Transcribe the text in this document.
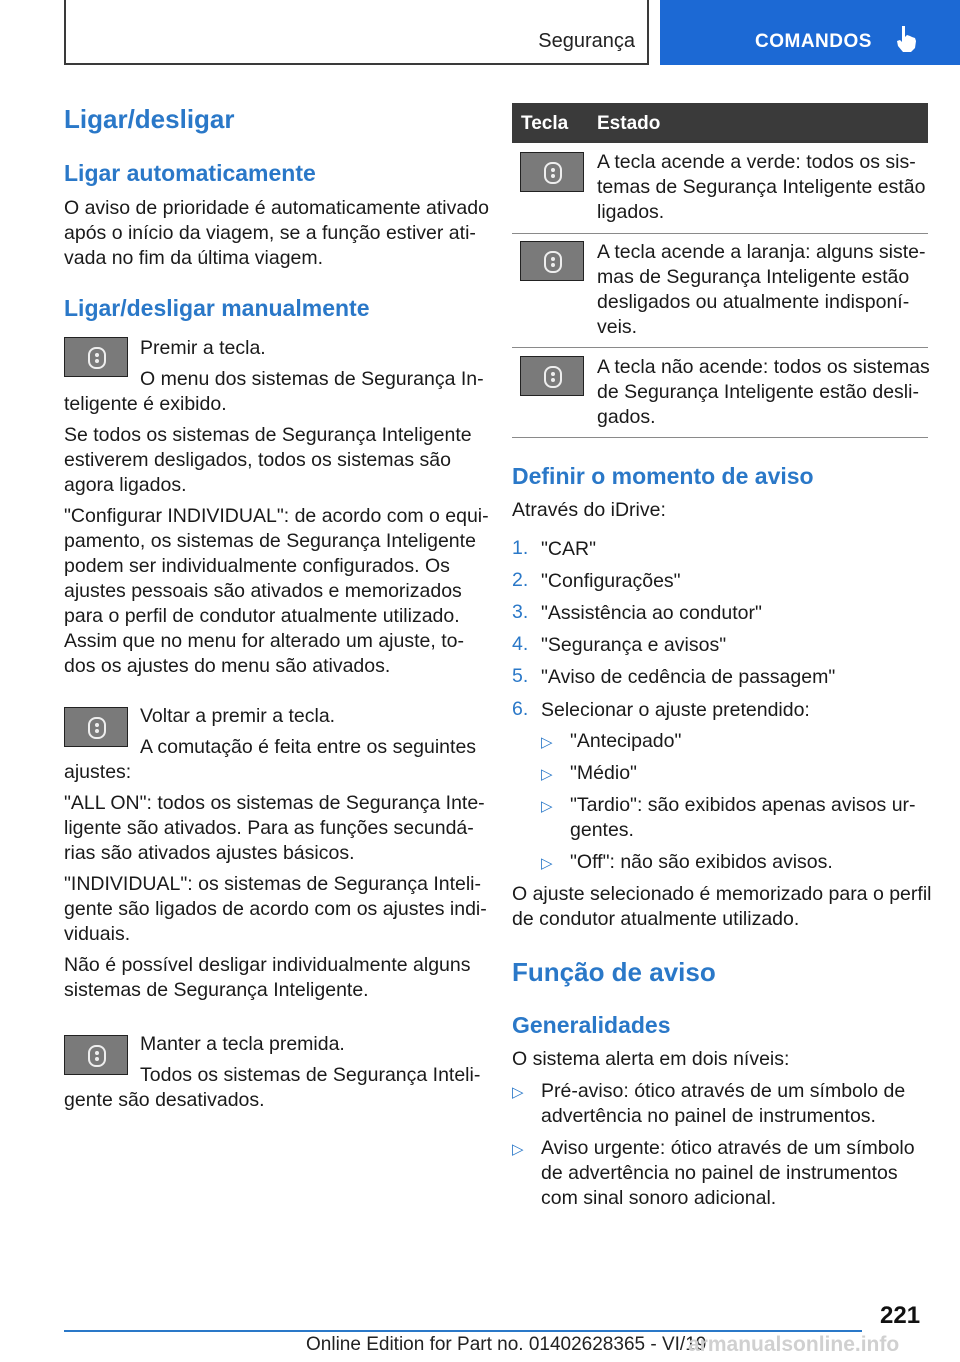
Segurança	COMANDOS
Ligar/desligar
Ligar automaticamente
O aviso de prioridade é automaticamente ativado
após o início da viagem, se a função estiver ati-
vada no fim da última viagem.
Ligar/desligar manualmente
Premir a tecla.
O menu dos sistemas de Segurança In-
teligente é exibido.
Se todos os sistemas de Segurança Inteligente
estiverem desligados, todos os sistemas são
agora ligados.
"Configurar INDIVIDUAL": de acordo com o equi-
pamento, os sistemas de Segurança Inteligente
podem ser individualmente configurados. Os
ajustes pessoais são ativados e memorizados
para o perfil de condutor atualmente utilizado.
Assim que no menu for alterado um ajuste, to-
dos os ajustes do menu são ativados.
Voltar a premir a tecla.
A comutação é feita entre os seguintes
ajustes:
"ALL ON": todos os sistemas de Segurança Inte-
ligente são ativados. Para as funções secundá-
rias são ativados ajustes básicos.
"INDIVIDUAL": os sistemas de Segurança Inteli-
gente são ligados de acordo com os ajustes indi-
viduais.
Não é possível desligar individualmente alguns
sistemas de Segurança Inteligente.
Manter a tecla premida.
Todos os sistemas de Segurança Inteli-
gente são desativados.
Tecla Estado
A tecla acende a verde: todos os sis-
temas de Segurança Inteligente estão
ligados.
A tecla acende a laranja: alguns siste-
mas de Segurança Inteligente estão
desligados ou atualmente indisponí-
veis.
A tecla não acende: todos os sistemas
de Segurança Inteligente estão desli-
gados.
Definir o momento de aviso
Através do iDrive:
1. "CAR"
2. "Configurações"
3. "Assistência ao condutor"
4. "Segurança e avisos"
5. "Aviso de cedência de passagem"
6. Selecionar o ajuste pretendido:
▷ "Antecipado"
▷ "Médio"
▷ "Tardio": são exibidos apenas avisos ur-
gentes.
▷ "Off": não são exibidos avisos.
O ajuste selecionado é memorizado para o perfil
de condutor atualmente utilizado.
Função de aviso
Generalidades
O sistema alerta em dois níveis:
▷ Pré-aviso: ótico através de um símbolo de
advertência no painel de instrumentos.
▷ Aviso urgente: ótico através de um símbolo
de advertência no painel de instrumentos
com sinal sonoro adicional.
221
Online Edition for Part no. 01402628365 - VI/19
armanualsonline.info
